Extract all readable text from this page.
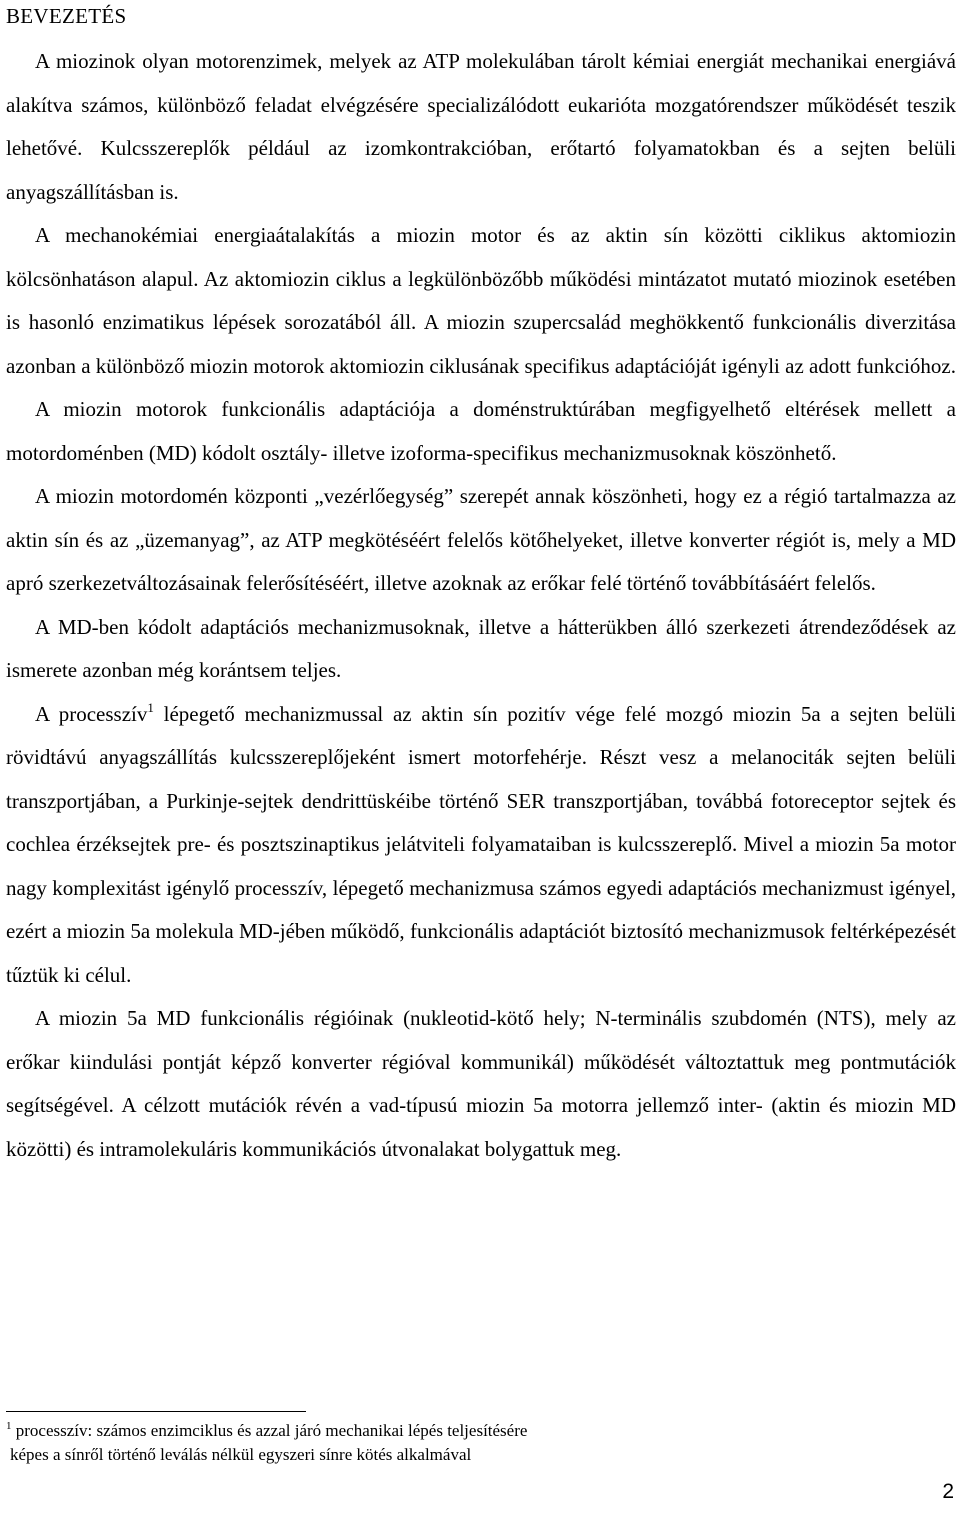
BEVEZETÉS

A miozinok olyan motorenzimek, melyek az ATP molekulában tárolt kémiai energiát mechanikai energiává alakítva számos, különböző feladat elvégzésére specializálódott eukarióta mozgatórendszer működését teszik lehetővé. Kulcsszereplők például az izomkontrakcióban, erőtartó folyamatokban és a sejten belüli anyagszállításban is.

A mechanokémiai energiaátalakítás a miozin motor és az aktin sín közötti ciklikus aktomiozin kölcsönhatáson alapul. Az aktomiozin ciklus a legkülönbözőbb működési mintázatot mutató miozinok esetében is hasonló enzimatikus lépések sorozatából áll. A miozin szupercsalád meghökkentő funkcionális diverzitása azonban a különböző miozin motorok aktomiozin ciklusának specifikus adaptációját igényli az adott funkcióhoz.

A miozin motorok funkcionális adaptációja a doménstruktúrában megfigyelhető eltérések mellett a motordoménben (MD) kódolt osztály- illetve izoforma-specifikus mechanizmusoknak köszönhető.

A miozin motordomén központi „vezérlőegység” szerepét annak köszönheti, hogy ez a régió tartalmazza az aktin sín és az „üzemanyag”, az ATP megkötéséért felelős kötőhelyeket, illetve konverter régiót is, mely a MD apró szerkezetváltozásainak felerősítéséért, illetve azoknak az erőkar felé történő továbbításáért felelős.

A MD-ben kódolt adaptációs mechanizmusoknak, illetve a hátterükben álló szerkezeti átrendeződések az ismerete azonban még korántsem teljes.

A processzív$^1$ lépegető mechanizmussal az aktin sín pozitív vége felé mozgó miozin 5a a sejten belüli rövidtávú anyagszállítás kulcsszereplőjeként ismert motorfehérje. Részt vesz a melanociták sejten belüli transzportjában, a Purkinje-sejtek dendrittüskéibe történő SER transzportjában, továbbá fotoreceptor sejtek és cochlea érzéksejtek pre- és posztszinaptikus jelátviteli folyamataiban is kulcsszereplő. Mivel a miozin 5a motor nagy komplexitást igénylő processzív, lépegető mechanizmusa számos egyedi adaptációs mechanizmust igényel, ezért a miozin 5a molekula MD-jében működő, funkcionális adaptációt biztosító mechanizmusok feltérképezését tűztük ki célul.

A miozin 5a MD funkcionális régióinak (nukleotid-kötő hely; N-terminális szubdomén (NTS), mely az erőkar kiindulási pontját képző konverter régióval kommunikál) működését változtattuk meg pontmutációk segítségével. A célzott mutációk révén a vad-típusú miozin 5a motorra jellemző inter- (aktin és miozin MD közötti) és intramolekuláris kommunikációs útvonalakat bolygattuk meg.

$^1$ processzív: számos enzimciklus és azzal járó mechanikai lépés teljesítésére
képes a sínről történő leválás nélkül egyszeri sínre kötés alkalmával
2
